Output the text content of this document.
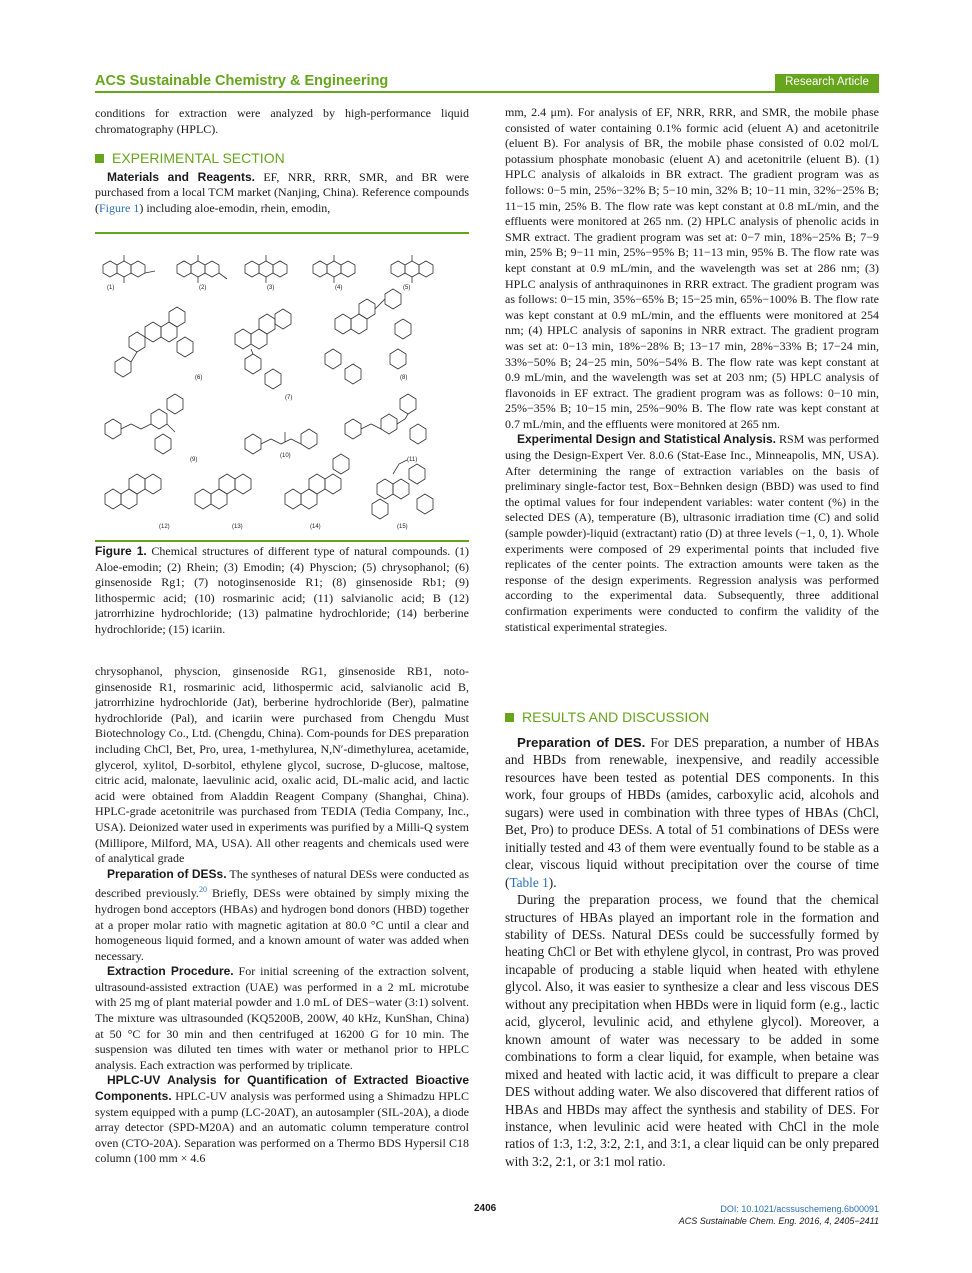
ACS Sustainable Chemistry & Engineering	Research Article

conditions for extraction were analyzed by high-performance liquid chromatography (HPLC).

EXPERIMENTAL SECTION

Materials and Reagents. EF, NRR, RRR, SMR, and BR were purchased from a local TCM market (Nanjing, China). Reference compounds (Figure 1) including aloe-emodin, rhein, emodin,

(1)	(2)	(3)	(4)	(5)
(6)
(7)
(8)
(9)
(10)
(11)
(12)	(13)	(14)	(15)
Figure 1. Chemical structures of different type of natural compounds. (1) Aloe-emodin; (2) Rhein; (3) Emodin; (4) Physcion; (5) chrysophanol; (6) ginsenoside Rg1; (7) notoginsenoside R1; (8) ginsenoside Rb1; (9) lithospermic acid; (10) rosmarinic acid; (11) salvianolic acid; B (12) jatrorrhizine hydrochloride; (13) palmatine hydrochloride; (14) berberine hydrochloride; (15) icariin.

chrysophanol, physcion, ginsenoside RG1, ginsenoside RB1, noto-ginsenoside R1, rosmarinic acid, lithospermic acid, salvianolic acid B, jatrorrhizine hydrochloride (Jat), berberine hydrochloride (Ber), palmatine hydrochloride (Pal), and icariin were purchased from Chengdu Must Biotechnology Co., Ltd. (Chengdu, China). Com-pounds for DES preparation including ChCl, Bet, Pro, urea, 1-methylurea, N,N′-dimethylurea, acetamide, glycerol, xylitol, D-sorbitol, ethylene glycol, sucrose, D-glucose, maltose, citric acid, malonate, laevulinic acid, oxalic acid, DL-malic acid, and lactic acid were obtained from Aladdin Reagent Company (Shanghai, China). HPLC-grade acetonitrile was purchased from TEDIA (Tedia Company, Inc., USA). Deionized water used in experiments was purified by a Milli-Q system (Millipore, Milford, MA, USA). All other reagents and chemicals used were of analytical grade

Preparation of DESs. The syntheses of natural DESs were conducted as described previously.$^{20}$ Briefly, DESs were obtained by simply mixing the hydrogen bond acceptors (HBAs) and hydrogen bond donors (HBD) together at a proper molar ratio with magnetic agitation at 80.0 °C until a clear and homogeneous liquid formed, and a known amount of water was added when necessary.

Extraction Procedure. For initial screening of the extraction solvent, ultrasound-assisted extraction (UAE) was performed in a 2 mL microtube with 25 mg of plant material powder and 1.0 mL of DES−water (3:1) solvent. The mixture was ultrasounded (KQ5200B, 200W, 40 kHz, KunShan, China) at 50 °C for 30 min and then centrifuged at 16200 G for 10 min. The suspension was diluted ten times with water or methanol prior to HPLC analysis. Each extraction was performed by triplicate.

HPLC-UV Analysis for Quantification of Extracted Bioactive Components. HPLC-UV analysis was performed using a Shimadzu HPLC system equipped with a pump (LC-20AT), an autosampler (SIL-20A), a diode array detector (SPD-M20A) and an automatic column temperature control oven (CTO-20A). Separation was performed on a Thermo BDS Hypersil C18 column (100 mm × 4.6

mm, 2.4 μm). For analysis of EF, NRR, RRR, and SMR, the mobile phase consisted of water containing 0.1% formic acid (eluent A) and acetonitrile (eluent B). For analysis of BR, the mobile phase consisted of 0.02 mol/L potassium phosphate monobasic (eluent A) and acetonitrile (eluent B). (1) HPLC analysis of alkaloids in BR extract. The gradient program was as follows: 0−5 min, 25%−32% B; 5−10 min, 32% B; 10−11 min, 32%−25% B; 11−15 min, 25% B. The flow rate was kept constant at 0.8 mL/min, and the effluents were monitored at 265 nm. (2) HPLC analysis of phenolic acids in SMR extract. The gradient program was set at: 0−7 min, 18%−25% B; 7−9 min, 25% B; 9−11 min, 25%−95% B; 11−13 min, 95% B. The flow rate was kept constant at 0.9 mL/min, and the wavelength was set at 286 nm; (3) HPLC analysis of anthraquinones in RRR extract. The gradient program was as follows: 0−15 min, 35%−65% B; 15−25 min, 65%−100% B. The flow rate was kept constant at 0.9 mL/min, and the effluents were monitored at 254 nm; (4) HPLC analysis of saponins in NRR extract. The gradient program was set at: 0−13 min, 18%−28% B; 13−17 min, 28%−33% B; 17−24 min, 33%−50% B; 24−25 min, 50%−54% B. The flow rate was kept constant at 0.9 mL/min, and the wavelength was set at 203 nm; (5) HPLC analysis of flavonoids in EF extract. The gradient program was as follows: 0−10 min, 25%−35% B; 10−15 min, 25%−90% B. The flow rate was kept constant at 0.7 mL/min, and the effluents were monitored at 265 nm.

Experimental Design and Statistical Analysis. RSM was performed using the Design-Expert Ver. 8.0.6 (Stat-Ease Inc., Minneapolis, MN, USA). After determining the range of extraction variables on the basis of preliminary single-factor test, Box−Behnken design (BBD) was used to find the optimal values for four independent variables: water content (%) in the selected DES (A), temperature (B), ultrasonic irradiation time (C) and solid (sample powder)-liquid (extractant) ratio (D) at three levels (−1, 0, 1). Whole experiments were composed of 29 experimental points that included five replicates of the center points. The extraction amounts were taken as the response of the design experiments. Regression analysis was performed according to the experimental data. Subsequently, three additional confirmation experiments were conducted to confirm the validity of the statistical experimental strategies.

RESULTS AND DISCUSSION

Preparation of DES. For DES preparation, a number of HBAs and HBDs from renewable, inexpensive, and readily accessible resources have been tested as potential DES components. In this work, four groups of HBDs (amides, carboxylic acid, alcohols and sugars) were used in combination with three types of HBAs (ChCl, Bet, Pro) to produce DESs. A total of 51 combinations of DESs were initially tested and 43 of them were eventually found to be stable as a clear, viscous liquid without precipitation over the course of time (Table 1).

During the preparation process, we found that the chemical structures of HBAs played an important role in the formation and stability of DESs. Natural DESs could be successfully formed by heating ChCl or Bet with ethylene glycol, in contrast, Pro was proved incapable of producing a stable liquid when heated with ethylene glycol. Also, it was easier to synthesize a clear and less viscous DES without any precipitation when HBDs were in liquid form (e.g., lactic acid, glycerol, levulinic acid, and ethylene glycol). Moreover, a known amount of water was necessary to be added in some combinations to form a clear liquid, for example, when betaine was mixed and heated with lactic acid, it was difficult to prepare a clear DES without adding water. We also discovered that different ratios of HBAs and HBDs may affect the synthesis and stability of DES. For instance, when levulinic acid were heated with ChCl in the mole ratios of 1:3, 1:2, 3:2, 2:1, and 3:1, a clear liquid can be only prepared with 3:2, 2:1, or 3:1 mol ratio.

2406	DOI: 10.1021/acssuschemeng.6b00091
ACS Sustainable Chem. Eng. 2016, 4, 2405−2411
